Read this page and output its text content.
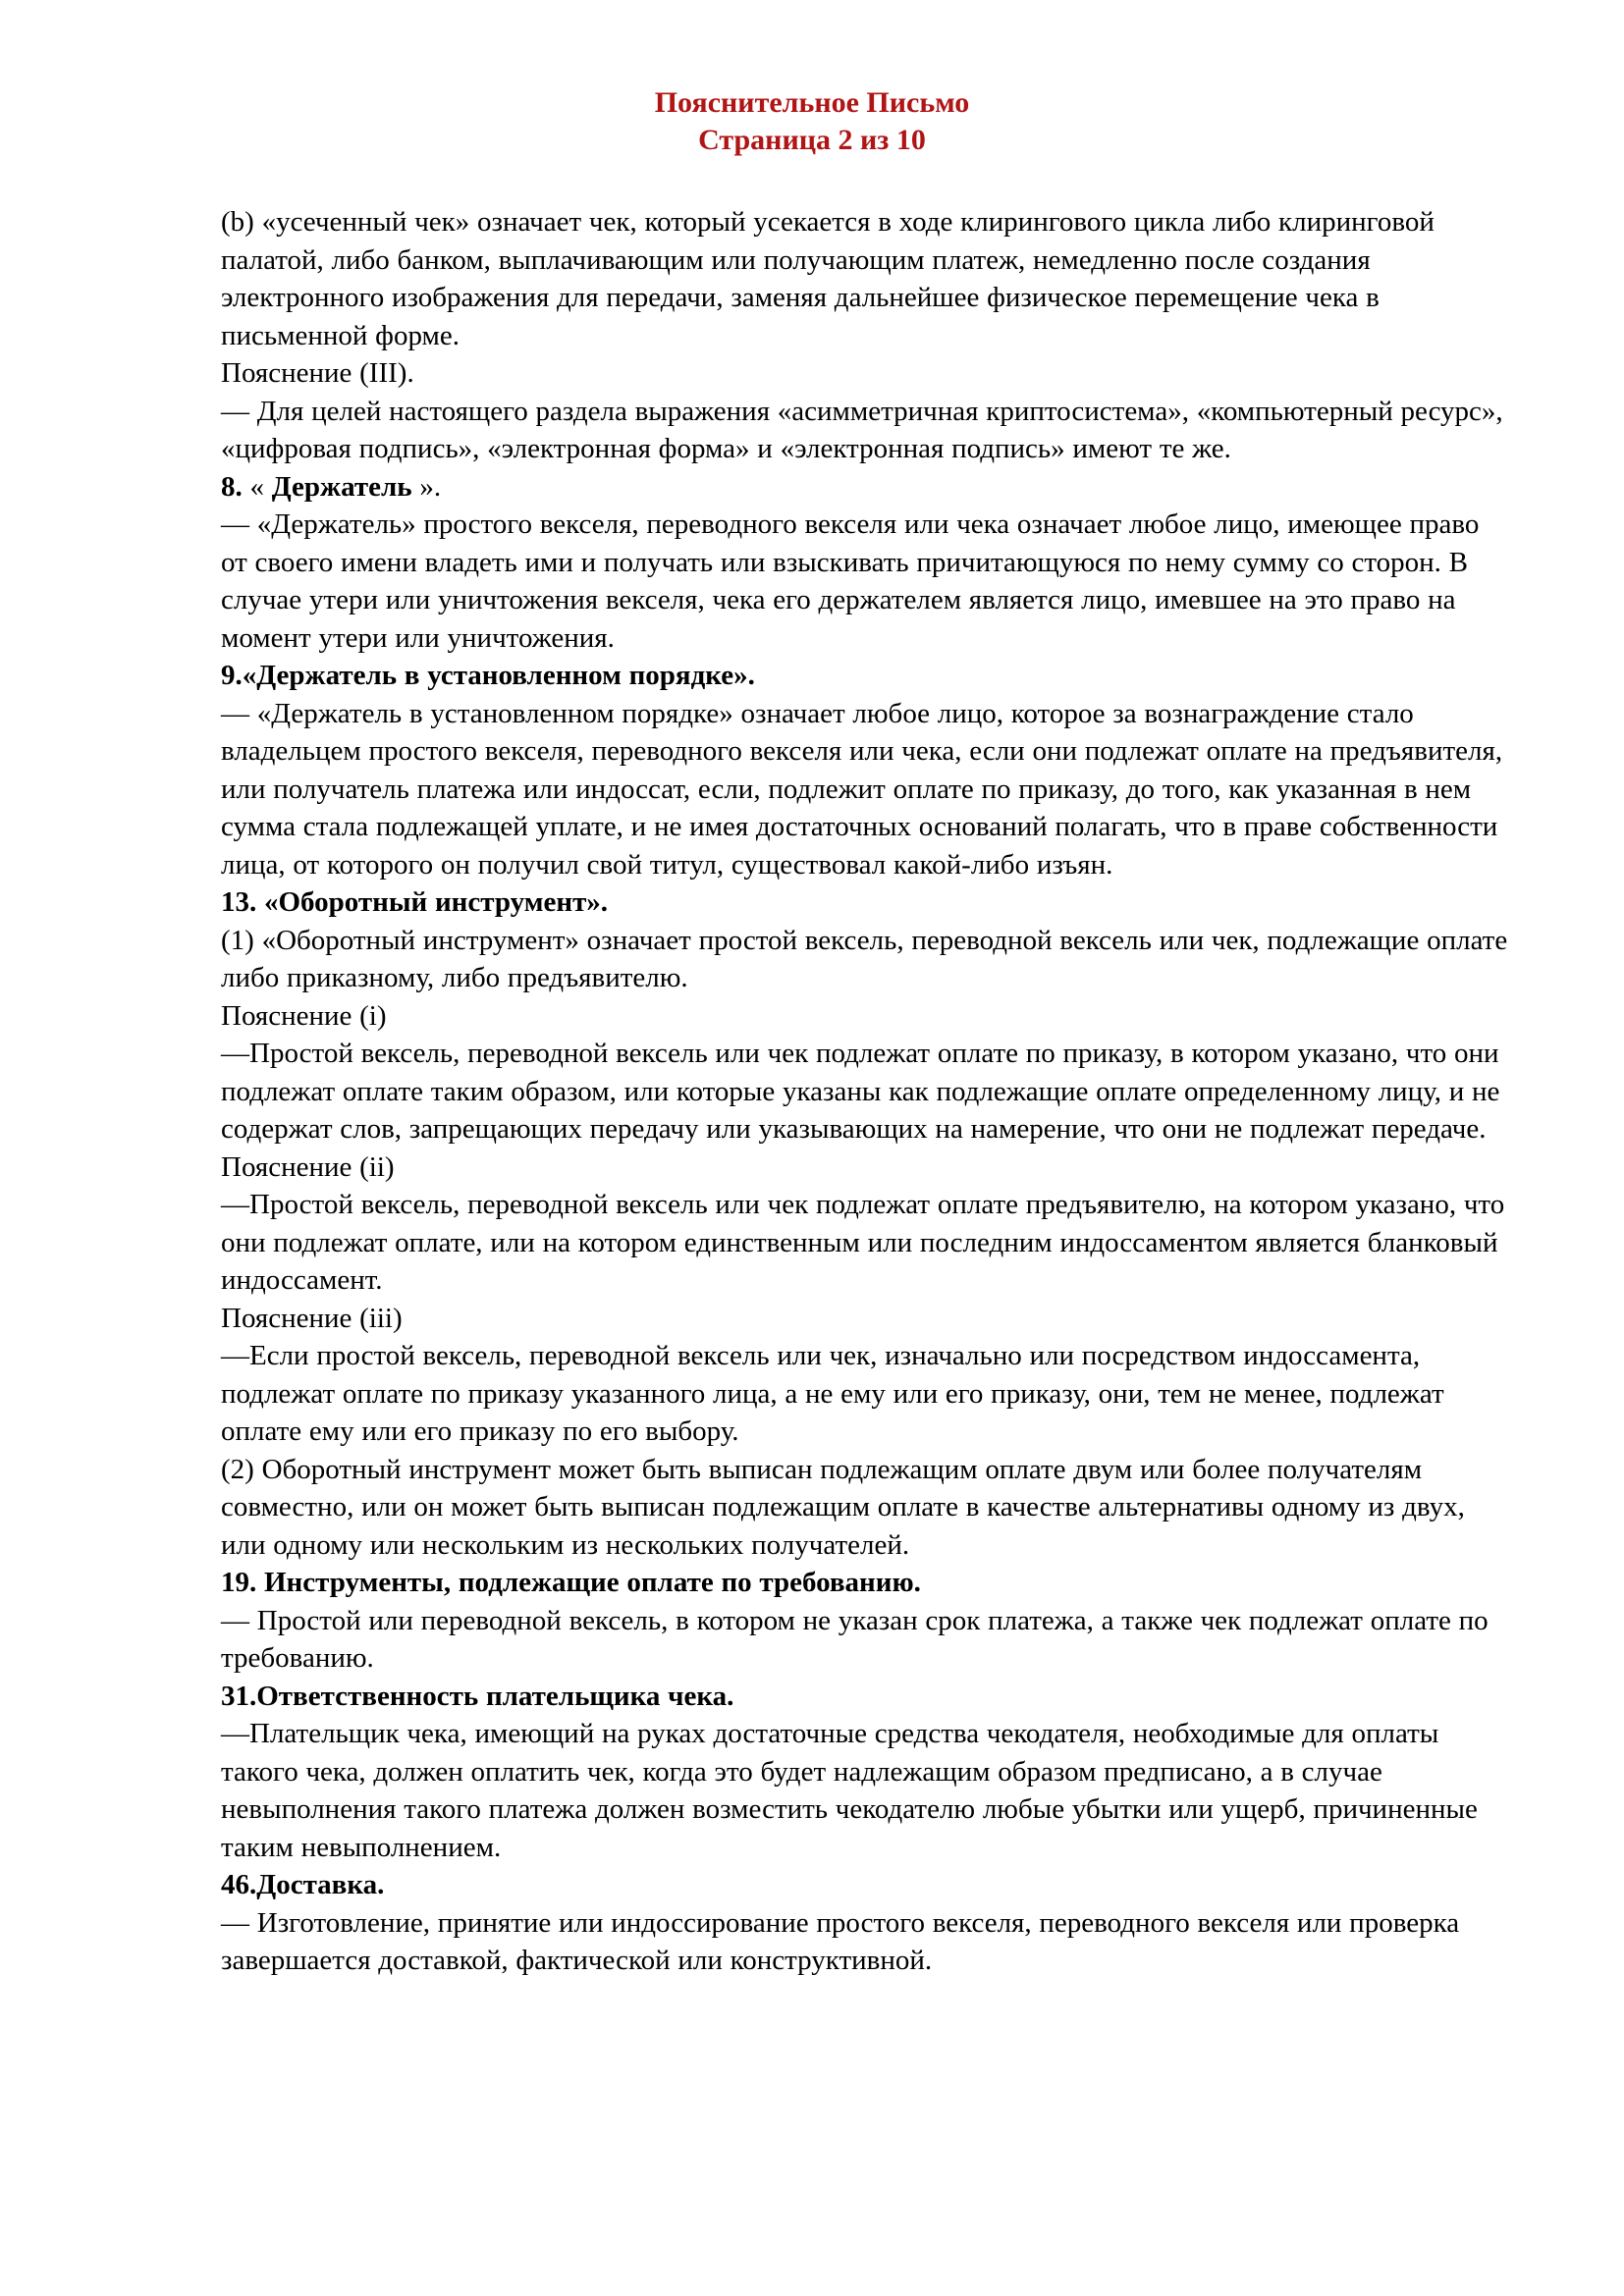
Пояснительное Письмо
Страница 2 из 10

(b) «усеченный чек» означает чек, который усекается в ходе клирингового цикла либо клиринговой палатой, либо банком, выплачивающим или получающим платеж, немедленно после создания электронного изображения для передачи, заменяя дальнейшее физическое перемещение чека в письменной форме.

Пояснение (III).

— Для целей настоящего раздела выражения «асимметричная криптосистема», «компьютерный ресурс», «цифровая подпись», «электронная форма» и «электронная подпись» имеют те же.

8. « Держатель ».

— «Держатель» простого векселя, переводного векселя или чека означает любое лицо, имеющее право от своего имени владеть ими и получать или взыскивать причитающуюся по нему сумму со сторон. В случае утери или уничтожения векселя, чека его держателем является лицо, имевшее на это право на момент утери или уничтожения.

9.«Держатель в установленном порядке».

— «Держатель в установленном порядке» означает любое лицо, которое за вознаграждение стало владельцем простого векселя, переводного векселя или чека, если они подлежат оплате на предъявителя, или получатель платежа или индоссат, если, подлежит оплате по приказу, до того, как указанная в нем сумма стала подлежащей уплате, и не имея достаточных оснований полагать, что в праве собственности лица, от которого он получил свой титул, существовал какой-либо изъян.

13. «Оборотный инструмент».

(1) «Оборотный инструмент» означает простой вексель, переводной вексель или чек, подлежащие оплате либо приказному, либо предъявителю.

Пояснение (i)

—Простой вексель, переводной вексель или чек подлежат оплате по приказу, в котором указано, что они подлежат оплате таким образом, или которые указаны как подлежащие оплате определенному лицу, и не содержат слов, запрещающих передачу или указывающих на намерение, что они не подлежат передаче.

Пояснение (ii)

—Простой вексель, переводной вексель или чек подлежат оплате предъявителю, на котором указано, что они подлежат оплате, или на котором единственным или последним индоссаментом является бланковый индоссамент.

Пояснение (iii)

—Если простой вексель, переводной вексель или чек, изначально или посредством индоссамента, подлежат оплате по приказу указанного лица, а не ему или его приказу, они, тем не менее, подлежат оплате ему или его приказу по его выбору.

(2) Оборотный инструмент может быть выписан подлежащим оплате двум или более получателям совместно, или он может быть выписан подлежащим оплате в качестве альтернативы одному из двух, или одному или нескольким из нескольких получателей.

19. Инструменты, подлежащие оплате по требованию.

— Простой или переводной вексель, в котором не указан срок платежа, а также чек подлежат оплате по требованию.

31.Ответственность плательщика чека.

—Плательщик чека, имеющий на руках достаточные средства чекодателя, необходимые для оплаты такого чека, должен оплатить чек, когда это будет надлежащим образом предписано, а в случае невыполнения такого платежа должен возместить чекодателю любые убытки или ущерб, причиненные таким невыполнением.

46.Доставка.

— Изготовление, принятие или индоссирование простого векселя, переводного векселя или проверка завершается доставкой, фактической или конструктивной.
